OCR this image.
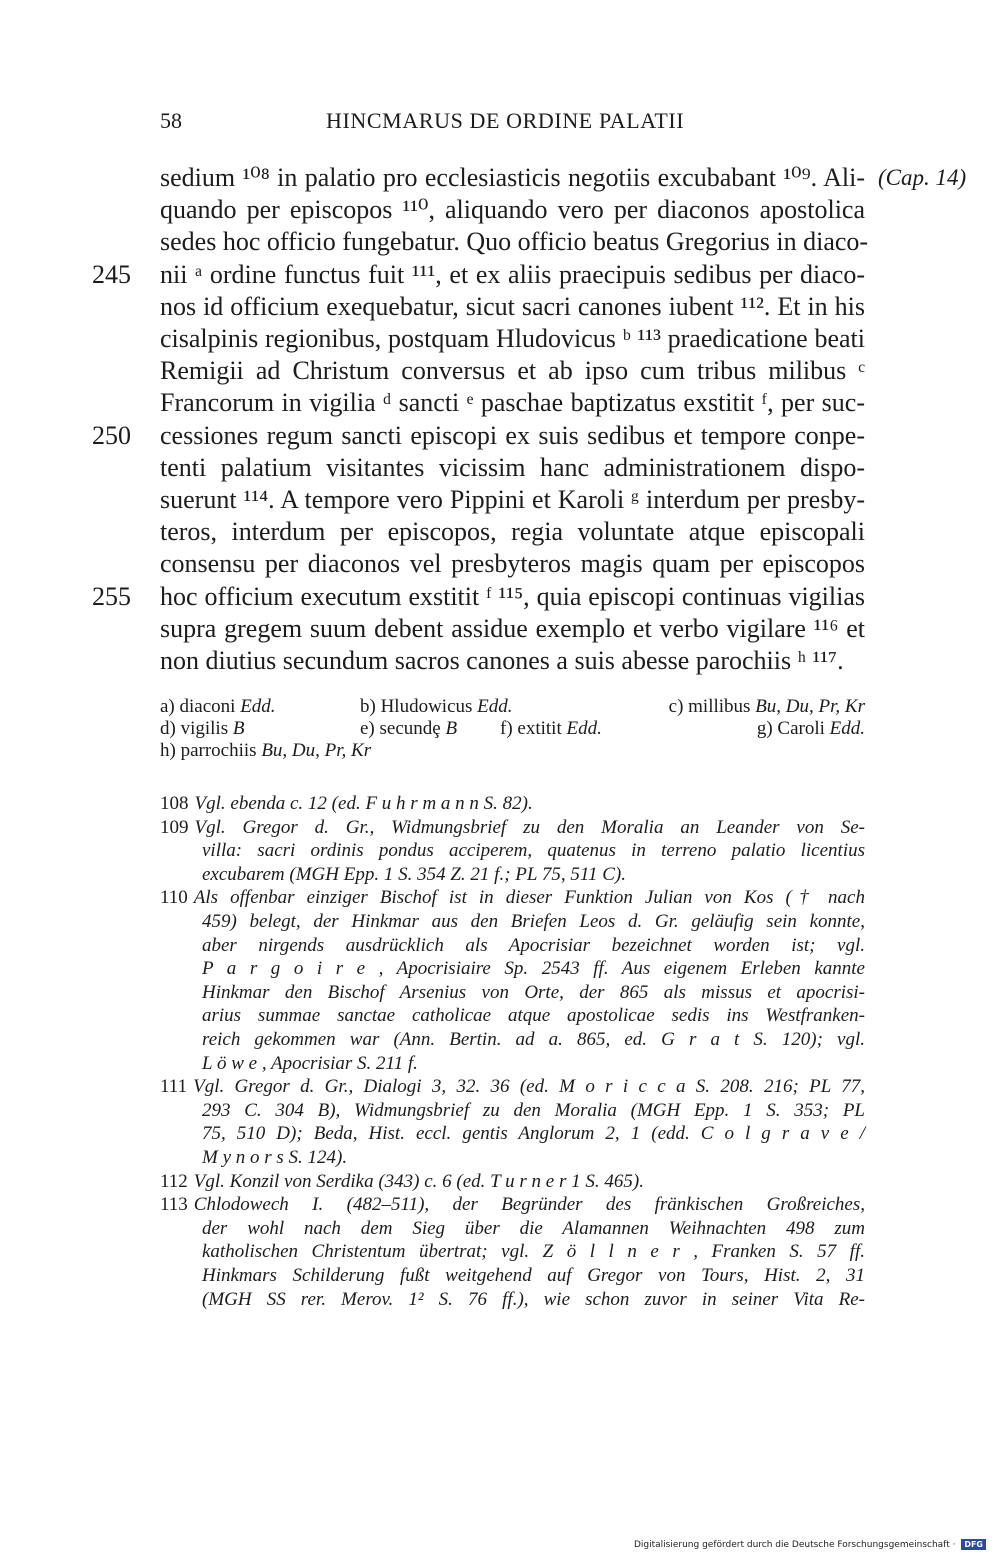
58	HINCMARUS DE ORDINE PALATII
(Cap. 14)
sedium ¹⁰⁸ in palatio pro ecclesiasticis negotiis excubabant ¹⁰⁹. Ali-
quando per episcopos ¹¹⁰, aliquando vero per diaconos apostolica
sedes hoc officio fungebatur. Quo officio beatus Gregorius in diaco-
nii ᵃ ordine functus fuit ¹¹¹, et ex aliis praecipuis sedibus per diaco-
nos id officium exequebatur, sicut sacri canones iubent ¹¹². Et in his
cisalpinis regionibus, postquam Hludovicus ᵇ ¹¹³ praedicatione beati
Remigii ad Christum conversus et ab ipso cum tribus milibus ᶜ
Francorum in vigilia ᵈ sancti ᵉ paschae baptizatus exstitit ᶠ, per suc-
cessiones regum sancti episcopi ex suis sedibus et tempore conpe-
tenti palatium visitantes vicissim hanc administrationem dispo-
suerunt ¹¹⁴. A tempore vero Pippini et Karoli ᵍ interdum per presby-
teros, interdum per episcopos, regia voluntate atque episcopali
consensu per diaconos vel presbyteros magis quam per episcopos
hoc officium executum exstitit ᶠ ¹¹⁵, quia episcopi continuas vigilias
supra gregem suum debent assidue exemplo et verbo vigilare ¹¹⁶ et
non diutius secundum sacros canones a suis abesse parochiis ʰ ¹¹⁷.
245
250
255
a) diaconi Edd.	b) Hludowicus Edd.	c) millibus Bu, Du, Pr, Kr
d) vigilis B	e) secundȩ B f) extitit Edd.	g) Caroli Edd.
h) parrochiis Bu, Du, Pr, Kr
108 Vgl. ebenda c. 12 (ed. F u h r m a n n S. 82).
109 Vgl. Gregor d. Gr., Widmungsbrief zu den Moralia an Leander von Se-
villa: sacri ordinis pondus acciperem, quatenus in terreno palatio licentius
excubarem (MGH Epp. 1 S. 354 Z. 21 f.; PL 75, 511 C).
110 Als offenbar einziger Bischof ist in dieser Funktion Julian von Kos († nach
459) belegt, der Hinkmar aus den Briefen Leos d. Gr. geläufig sein konnte,
aber nirgends ausdrücklich als Apocrisiar bezeichnet worden ist; vgl.
P a r g o i r e , Apocrisiaire Sp. 2543 ff. Aus eigenem Erleben kannte
Hinkmar den Bischof Arsenius von Orte, der 865 als missus et apocrisi-
arius summae sanctae catholicae atque apostolicae sedis ins Westfranken-
reich gekommen war (Ann. Bertin. ad a. 865, ed. G r a t S. 120); vgl.
L ö w e , Apocrisiar S. 211 f.
111 Vgl. Gregor d. Gr., Dialogi 3, 32. 36 (ed. M o r i c c a S. 208. 216; PL 77,
293 C. 304 B), Widmungsbrief zu den Moralia (MGH Epp. 1 S. 353; PL
75, 510 D); Beda, Hist. eccl. gentis Anglorum 2, 1 (edd. C o l g r a v e /
M y n o r s S. 124).
112 Vgl. Konzil von Serdika (343) c. 6 (ed. T u r n e r 1 S. 465).
113 Chlodowech I. (482–511), der Begründer des fränkischen Großreiches,
der wohl nach dem Sieg über die Alamannen Weihnachten 498 zum
katholischen Christentum übertrat; vgl. Z ö l l n e r , Franken S. 57 ff.
Hinkmars Schilderung fußt weitgehend auf Gregor von Tours, Hist. 2, 31
(MGH SS rer. Merov. 1² S. 76 ff.), wie schon zuvor in seiner Vita Re-
Digitalisierung gefördert durch die Deutsche Forschungsgemeinschaft · DFG
